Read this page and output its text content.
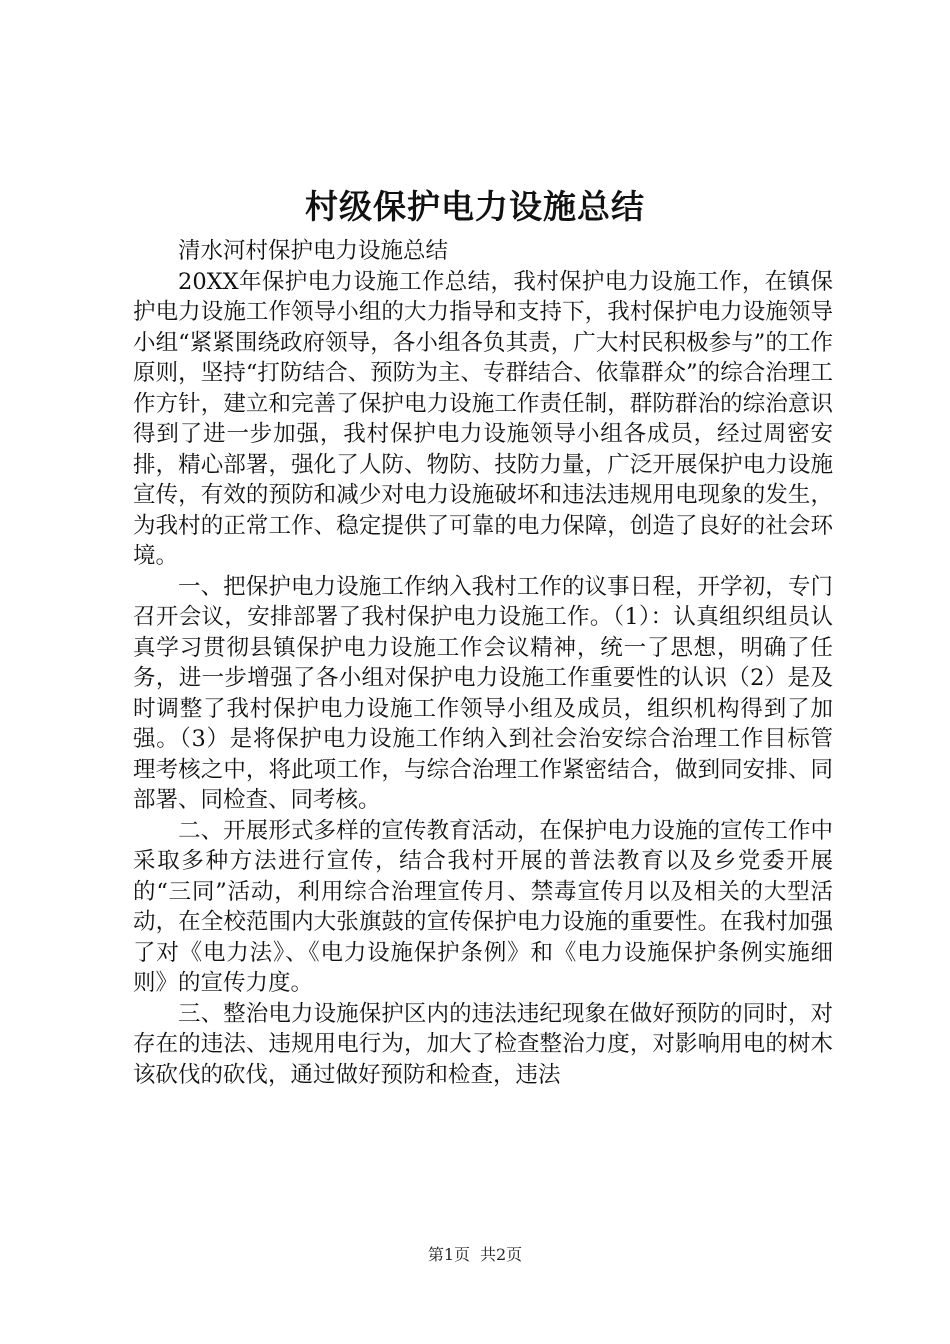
村级保护电力设施总结

清水河村保护电力设施总结

20XX年保护电力设施工作总结，我村保护电力设施工作，在镇保护电力设施工作领导小组的大力指导和支持下，我村保护电力设施领导小组“紧紧围绕政府领导，各小组各负其责，广大村民积极参与”的工作原则，坚持“打防结合、预防为主、专群结合、依靠群众”的综合治理工作方针，建立和完善了保护电力设施工作责任制，群防群治的综治意识得到了进一步加强，我村保护电力设施领导小组各成员，经过周密安排，精心部署，强化了人防、物防、技防力量，广泛开展保护电力设施宣传，有效的预防和减少对电力设施破坏和违法违规用电现象的发生，为我村的正常工作、稳定提供了可靠的电力保障，创造了良好的社会环境。

一、把保护电力设施工作纳入我村工作的议事日程，开学初，专门召开会议，安排部署了我村保护电力设施工作。（1）：认真组织组员认真学习贯彻县镇保护电力设施工作会议精神，统一了思想，明确了任务，进一步增强了各小组对保护电力设施工作重要性的认识（2）是及时调整了我村保护电力设施工作领导小组及成员，组织机构得到了加强。（3）是将保护电力设施工作纳入到社会治安综合治理工作目标管理考核之中，将此项工作，与综合治理工作紧密结合，做到同安排、同部署、同检查、同考核。

二、开展形式多样的宣传教育活动，在保护电力设施的宣传工作中采取多种方法进行宣传，结合我村开展的普法教育以及乡党委开展的“三同”活动，利用综合治理宣传月、禁毒宣传月以及相关的大型活动，在全校范围内大张旗鼓的宣传保护电力设施的重要性。在我村加强了对《电力法》、《电力设施保护条例》和《电力设施保护条例实施细则》的宣传力度。

三、整治电力设施保护区内的违法违纪现象在做好预防的同时，对存在的违法、违规用电行为，加大了检查整治力度，对影响用电的树木该砍伐的砍伐，通过做好预防和检查，违法

第1页 共2页
